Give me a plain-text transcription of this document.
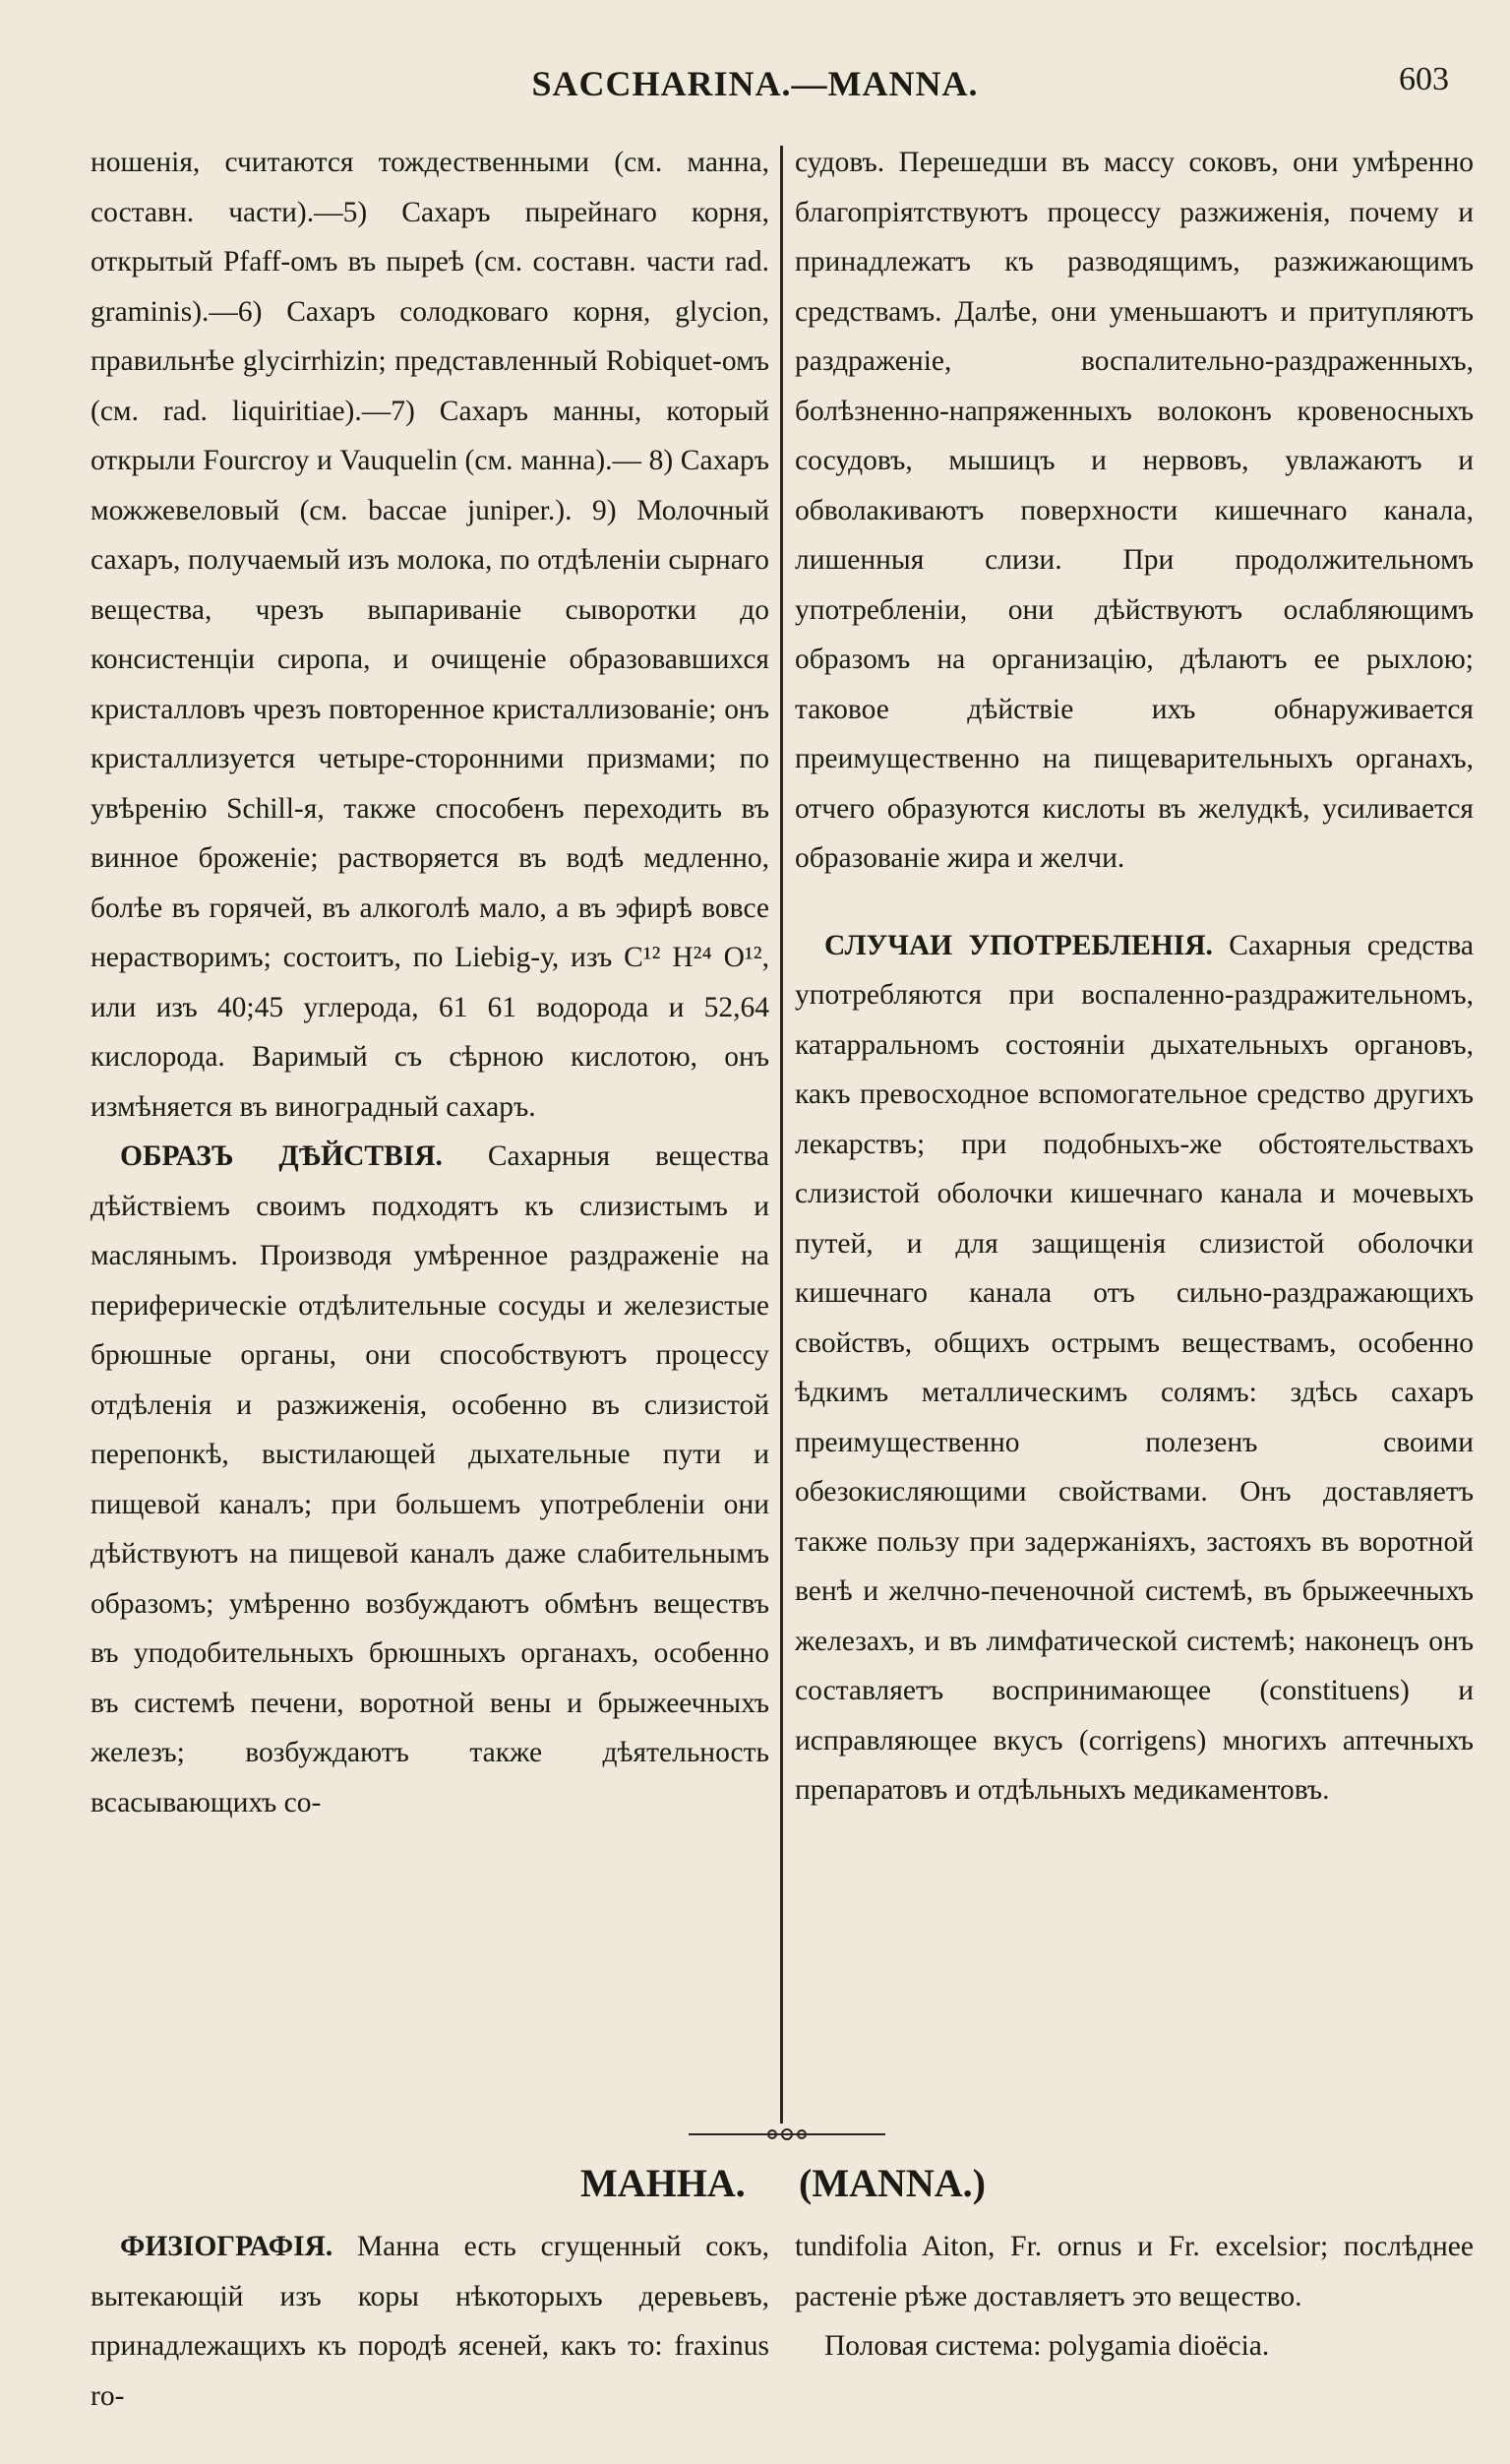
SACCHARINA.—MANNA.	603

ношенія, считаются тождественными (см. манна, составн. части).—5) Сахаръ пырейнаго корня, открытый Pfaff-омъ въ пыреѣ (см. составн. части rad. graminis).—6) Сахаръ солодковаго корня, glycion, правильнѣе glycirrhizin; представленный Robiquet-омъ (см. rad. liquiritiae).—7) Сахаръ манны, который открыли Fourcroy и Vauquelin (см. манна).— 8) Сахаръ можжевеловый (см. baccae juniper.). 9) Молочный сахаръ, получаемый изъ молока, по отдѣленіи сырнаго вещества, чрезъ выпариваніе сыворотки до консистенціи сиропа, и очищеніе образовавшихся кристалловъ чрезъ повторенное кристаллизованіе; онъ кристаллизуется четыре-сторонними призмами; по увѣренію Schill-я, также способенъ переходить въ винное броженіе; растворяется въ водѣ медленно, болѣе въ горячей, въ алкоголѣ мало, а въ эфирѣ вовсе нерастворимъ; состоитъ, по Liebig-у, изъ C¹² H²⁴ O¹², или изъ 40;45 углерода, 61 61 водорода и 52,64 кислорода. Варимый съ сѣрною кислотою, онъ измѣняется въ виноградный сахаръ.

ОБРАЗЪ ДѢЙСТВІЯ. Сахарныя вещества дѣйствіемъ своимъ подходятъ къ слизистымъ и маслянымъ. Производя умѣренное раздраженіе на периферическіе отдѣлительные сосуды и железистые брюшные органы, они способствуютъ процессу отдѣленія и разжиженія, особенно въ слизистой перепонкѣ, выстилающей дыхательные пути и пищевой каналъ; при большемъ употребленіи они дѣйствуютъ на пищевой каналъ даже слабительнымъ образомъ; умѣренно возбуждаютъ обмѣнъ веществъ въ уподобительныхъ брюшныхъ органахъ, особенно въ системѣ печени, воротной вены и брыжеечныхъ железъ; возбуждаютъ также дѣятельность всасывающихъ со-

судовъ. Перешедши въ массу соковъ, они умѣренно благопріятствуютъ процессу разжиженія, почему и принадлежатъ къ разводящимъ, разжижающимъ средствамъ. Далѣе, они уменьшаютъ и притупляютъ раздраженіе, воспалительно-раздраженныхъ, болѣзненно-напряженныхъ волоконъ кровеносныхъ сосудовъ, мышицъ и нервовъ, увлажаютъ и обволакиваютъ поверхности кишечнаго канала, лишенныя слизи. При продолжительномъ употребленіи, они дѣйствуютъ ослабляющимъ образомъ на организацію, дѣлаютъ ее рыхлою; таковое дѣйствіе ихъ обнаруживается преимущественно на пищеварительныхъ органахъ, отчего образуются кислоты въ желудкѣ, усиливается образованіе жира и желчи.

СЛУЧАИ УПОТРЕБЛЕНІЯ. Сахарныя средства употребляются при воспаленно-раздражительномъ, катарральномъ состояніи дыхательныхъ органовъ, какъ превосходное вспомогательное средство другихъ лекарствъ; при подобныхъ-же обстоятельствахъ слизистой оболочки кишечнаго канала и мочевыхъ путей, и для защищенія слизистой оболочки кишечнаго канала отъ сильно-раздражающихъ свойствъ, общихъ острымъ веществамъ, особенно ѣдкимъ металлическимъ солямъ: здѣсь сахаръ преимущественно полезенъ своими обезокисляющими свойствами. Онъ доставляетъ также пользу при задержаніяхъ, застояхъ въ воротной венѣ и желчно-печеночной системѣ, въ брыжеечныхъ железахъ, и въ лимфатической системѣ; наконецъ онъ составляетъ воспринимающее (constituens) и исправляющее вкусъ (corrigens) многихъ аптечныхъ препаратовъ и отдѣльныхъ медикаментовъ.

МАННА. (MANNA.)

ФИЗІОГРАФІЯ. Манна есть сгущенный сокъ, вытекающій изъ коры нѣкоторыхъ деревьевъ, принадлежащихъ къ породѣ ясеней, какъ то: fraxinus ro-

tundifolia Aiton, Fr. ornus и Fr. excelsior; послѣднее растеніе рѣже доставляетъ это вещество.

Половая система: polygamia dioëcia.
